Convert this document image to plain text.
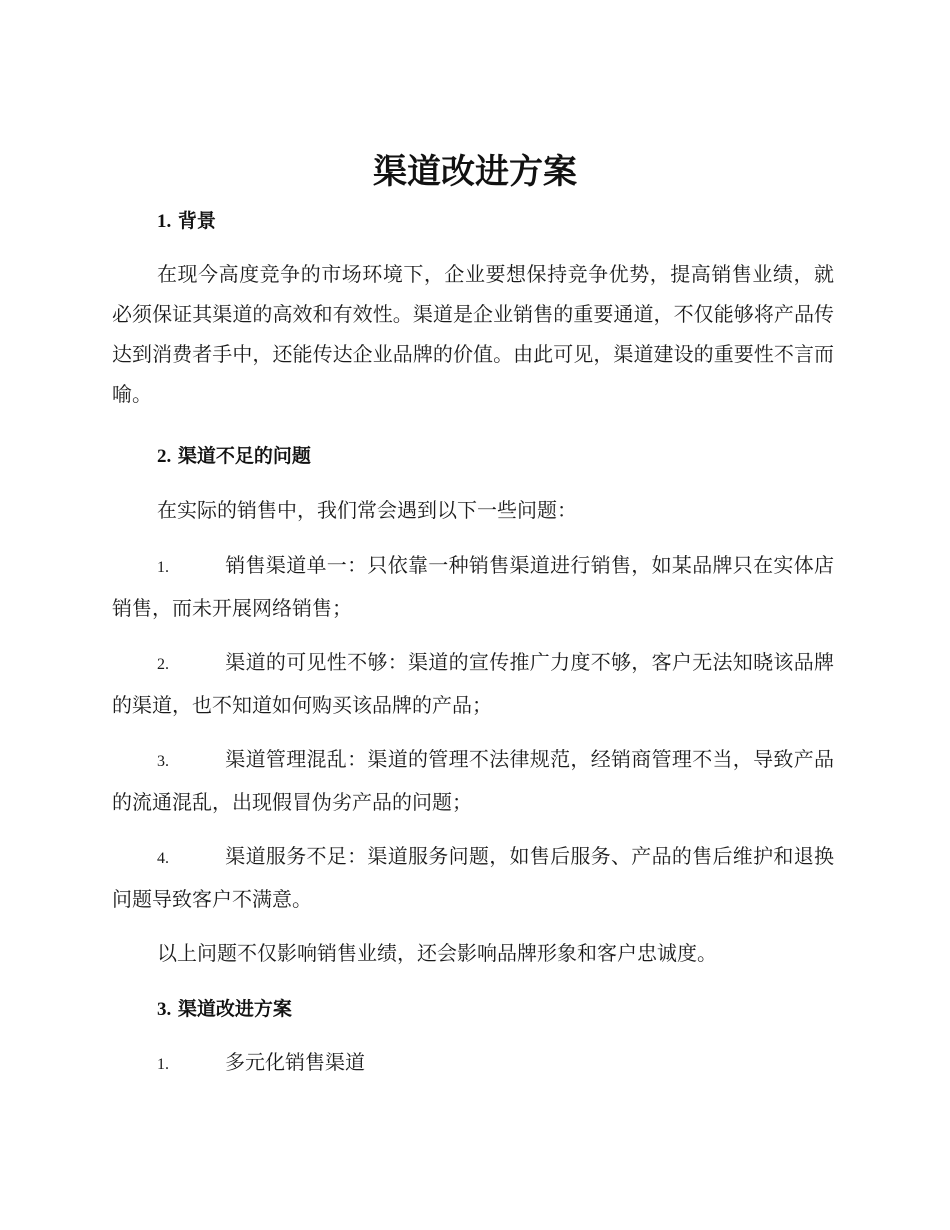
渠道改进方案
1. 背景
在现今高度竞争的市场环境下，企业要想保持竞争优势，提高销售业绩，就必须保证其渠道的高效和有效性。渠道是企业销售的重要通道，不仅能够将产品传达到消费者手中，还能传达企业品牌的价值。由此可见，渠道建设的重要性不言而喻。
2. 渠道不足的问题
在实际的销售中，我们常会遇到以下一些问题：
1.	销售渠道单一：只依靠一种销售渠道进行销售，如某品牌只在实体店销售，而未开展网络销售；
2.	渠道的可见性不够：渠道的宣传推广力度不够，客户无法知晓该品牌的渠道，也不知道如何购买该品牌的产品；
3.	渠道管理混乱：渠道的管理不法律规范，经销商管理不当，导致产品的流通混乱，出现假冒伪劣产品的问题；
4.	渠道服务不足：渠道服务问题，如售后服务、产品的售后维护和退换问题导致客户不满意。
以上问题不仅影响销售业绩，还会影响品牌形象和客户忠诚度。
3. 渠道改进方案
1.	多元化销售渠道
